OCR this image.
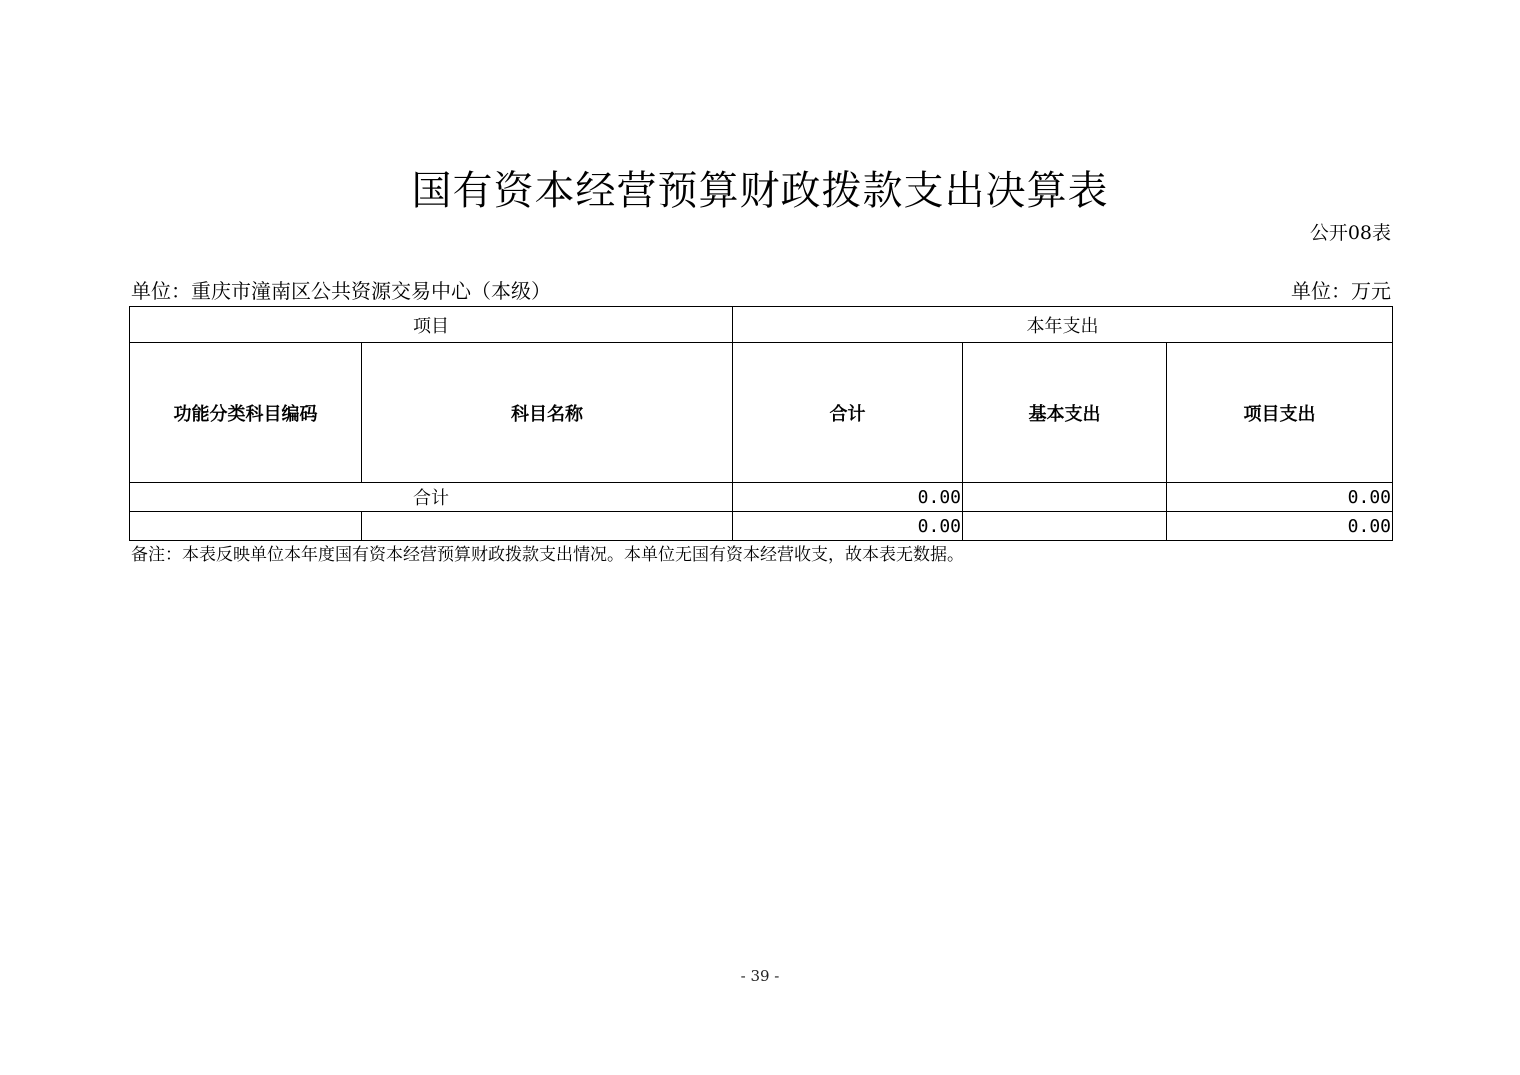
国有资本经营预算财政拨款支出决算表
公开08表
单位：重庆市潼南区公共资源交易中心（本级）	单位：万元
项目		本年支出		
功能分类科目编码	科目名称	合计	基本支出	项目支出
合计		0.00		0.00
		0.00		0.00
备注：本表反映单位本年度国有资本经营预算财政拨款支出情况。本单位无国有资本经营收支，故本表无数据。
- 39 -
